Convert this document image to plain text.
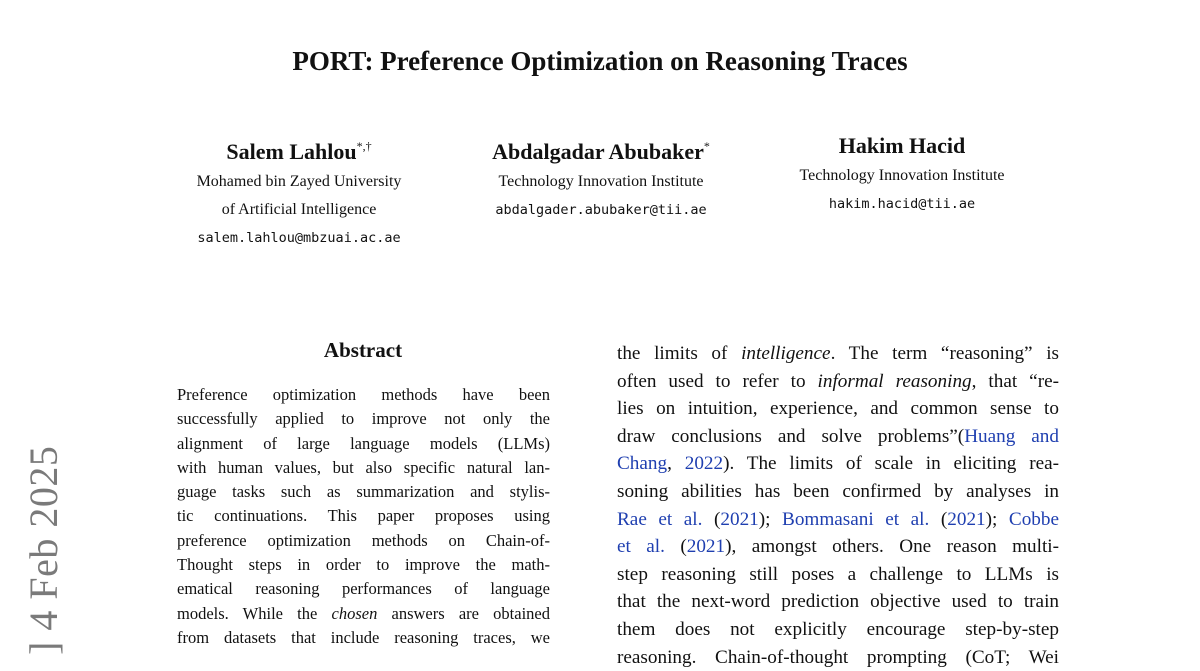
PORT: Preference Optimization on Reasoning Traces
Salem Lahlou*,†
Mohamed bin Zayed University
of Artificial Intelligence
salem.lahlou@mbzuai.ac.ae
Abdalgadar Abubaker*
Technology Innovation Institute
abdalgader.abubaker@tii.ae
Hakim Hacid
Technology Innovation Institute
hakim.hacid@tii.ae
Abstract
Preference optimization methods have been
successfully applied to improve not only the
alignment of large language models (LLMs)
with human values, but also specific natural lan-
guage tasks such as summarization and stylis-
tic continuations. This paper proposes using
preference optimization methods on Chain-of-
Thought steps in order to improve the math-
ematical reasoning performances of language
models. While the chosen answers are obtained
from datasets that include reasoning traces, we
the limits of intelligence. The term “reasoning” is
often used to refer to informal reasoning, that “re-
lies on intuition, experience, and common sense to
draw conclusions and solve problems”(Huang and
Chang, 2022). The limits of scale in eliciting rea-
soning abilities has been confirmed by analyses in
Rae et al. (2021); Bommasani et al. (2021); Cobbe
et al. (2021), amongst others. One reason multi-
step reasoning still poses a challenge to LLMs is
that the next-word prediction objective used to train
them does not explicitly encourage step-by-step
reasoning. Chain-of-thought prompting (CoT; Wei
] 4 Feb 2025
